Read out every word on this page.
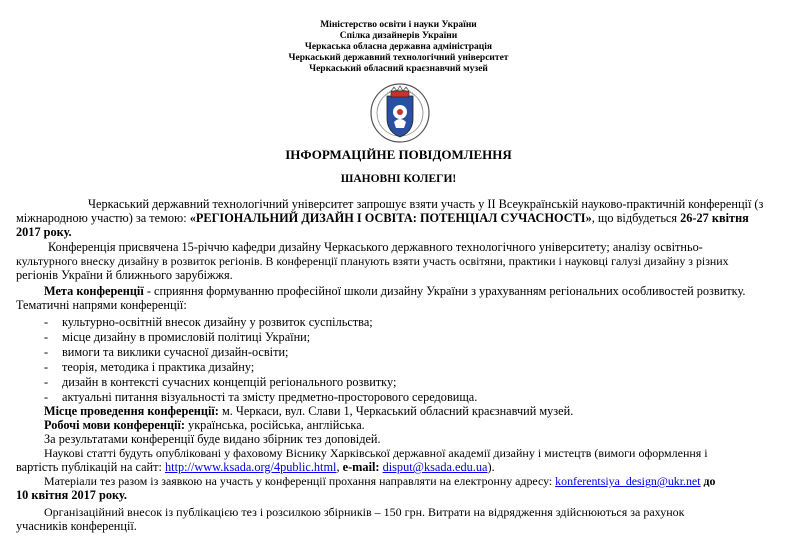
Міністерство освіти і науки України
Спілка дизайнерів України
Черкаська обласна державна адміністрація
Черкаський державний технологічний університет
Черкаський обласний краєзнавчий музей
ІНФОРМАЦІЙНЕ ПОВІДОМЛЕННЯ
ШАНОВНІ КОЛЕГИ!
Черкаський державний технологічний університет запрошує взяти участь у ІІ Всеукраїнській науково-практичній конференції (з
міжнародною участю) за темою: «РЕГІОНАЛЬНИЙ ДИЗАЙН І ОСВІТА: ПОТЕНЦІАЛ СУЧАСНОСТІ», що відбудеться 26-27 квітня
2017 року.
Конференція присвячена 15-річчю кафедри дизайну Черкаського державного технологічного університету; аналізу освітньо-
культурного внеску дизайну в розвиток регіонів. В конференції планують взяти участь освітяни, практики і науковці галузі дизайну з різних
регіонів України й ближнього зарубіжжя.
Мета конференції - сприяння формуванню професійної школи дизайну України з урахуванням регіональних особливостей розвитку.
Тематичні напрями конференції:
- культурно-освітній внесок дизайну у розвиток суспільства;
- місце дизайну в промисловій політиці України;
- вимоги та виклики сучасної дизайн-освіти;
- теорія, методика і практика дизайну;
- дизайн в контексті сучасних концепцій регіонального розвитку;
- актуальні питання візуальності та змісту предметно-просторового середовища.
Місце проведення конференції: м. Черкаси, вул. Слави 1, Черкаський обласний краєзнавчий музей.
Робочі мови конференції: українська, російська, англійська.
За результатами конференції буде видано збірник тез доповідей.
Наукові статті будуть опубліковані у фаховому Віснику Харківської державної академії дизайну і мистецтв (вимоги оформлення і
вартість публікацій на сайт: http://www.ksada.org/4public.html, e-mail: disput@ksada.edu.ua).
Матеріали тез разом із заявкою на участь у конференції прохання направляти на електронну адресу: konferentsiya_design@ukr.net до
10 квітня 2017 року.
Організаційний внесок із публікацією тез і розсилкою збірників – 150 грн. Витрати на відрядження здійснюються за рахунок
учасників конференції.
